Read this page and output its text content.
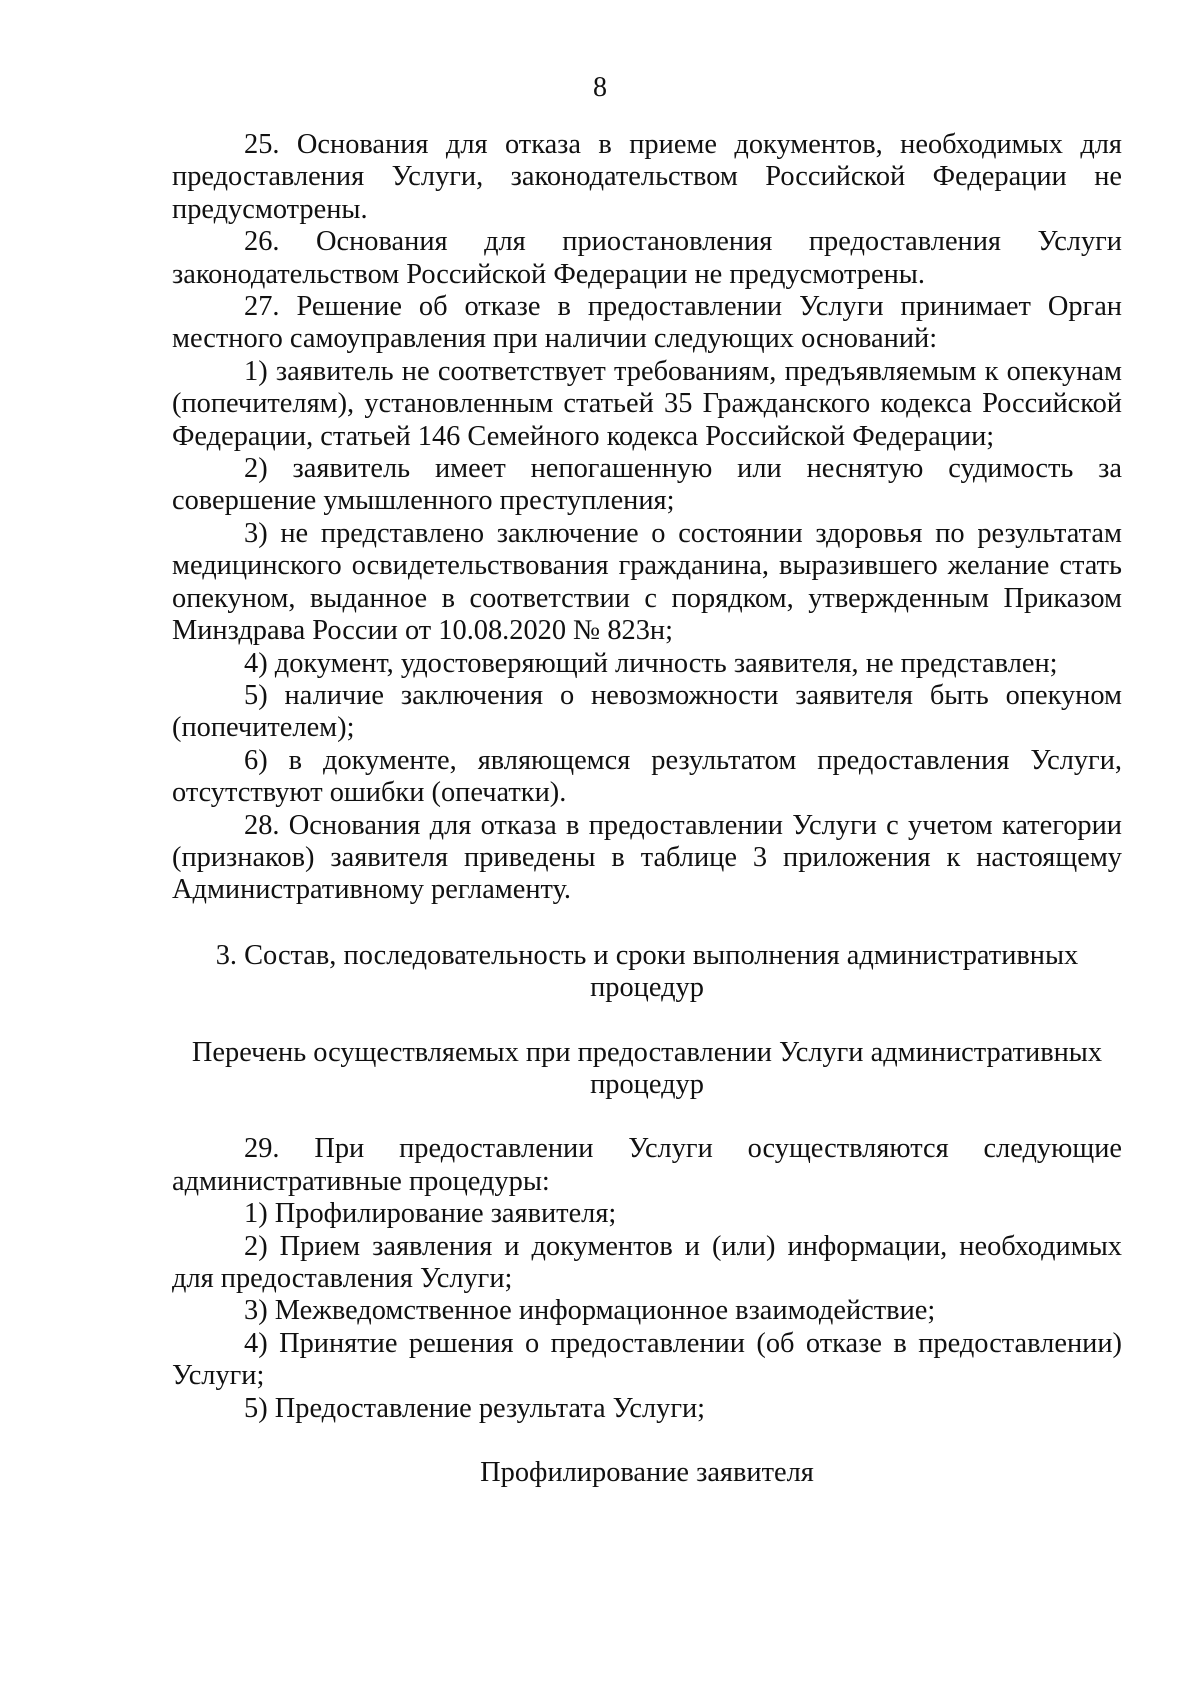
8

25. Основания для отказа в приеме документов, необходимых для предоставления Услуги, законодательством Российской Федерации не предусмотрены.

26. Основания для приостановления предоставления Услуги законодательством Российской Федерации не предусмотрены.

27. Решение об отказе в предоставлении Услуги принимает Орган местного самоуправления при наличии следующих оснований:

1) заявитель не соответствует требованиям, предъявляемым к опекунам (попечителям), установленным статьей 35 Гражданского кодекса Российской Федерации, статьей 146 Семейного кодекса Российской Федерации;

2) заявитель имеет непогашенную или неснятую судимость за совершение умышленного преступления;

3) не представлено заключение о состоянии здоровья по результатам медицинского освидетельствования гражданина, выразившего желание стать опекуном, выданное в соответствии с порядком, утвержденным Приказом Минздрава России от 10.08.2020 № 823н;

4) документ, удостоверяющий личность заявителя, не представлен;

5) наличие заключения о невозможности заявителя быть опекуном (попечителем);

6) в документе, являющемся результатом предоставления Услуги, отсутствуют ошибки (опечатки).

28. Основания для отказа в предоставлении Услуги с учетом категории (признаков) заявителя приведены в таблице 3 приложения к настоящему Административному регламенту.

3. Состав, последовательность и сроки выполнения административных процедур

Перечень осуществляемых при предоставлении Услуги административных процедур

29. При предоставлении Услуги осуществляются следующие административные процедуры:

1) Профилирование заявителя;

2) Прием заявления и документов и (или) информации, необходимых для предоставления Услуги;

3) Межведомственное информационное взаимодействие;

4) Принятие решения о предоставлении (об отказе в предоставлении) Услуги;

5) Предоставление результата Услуги;

Профилирование заявителя
